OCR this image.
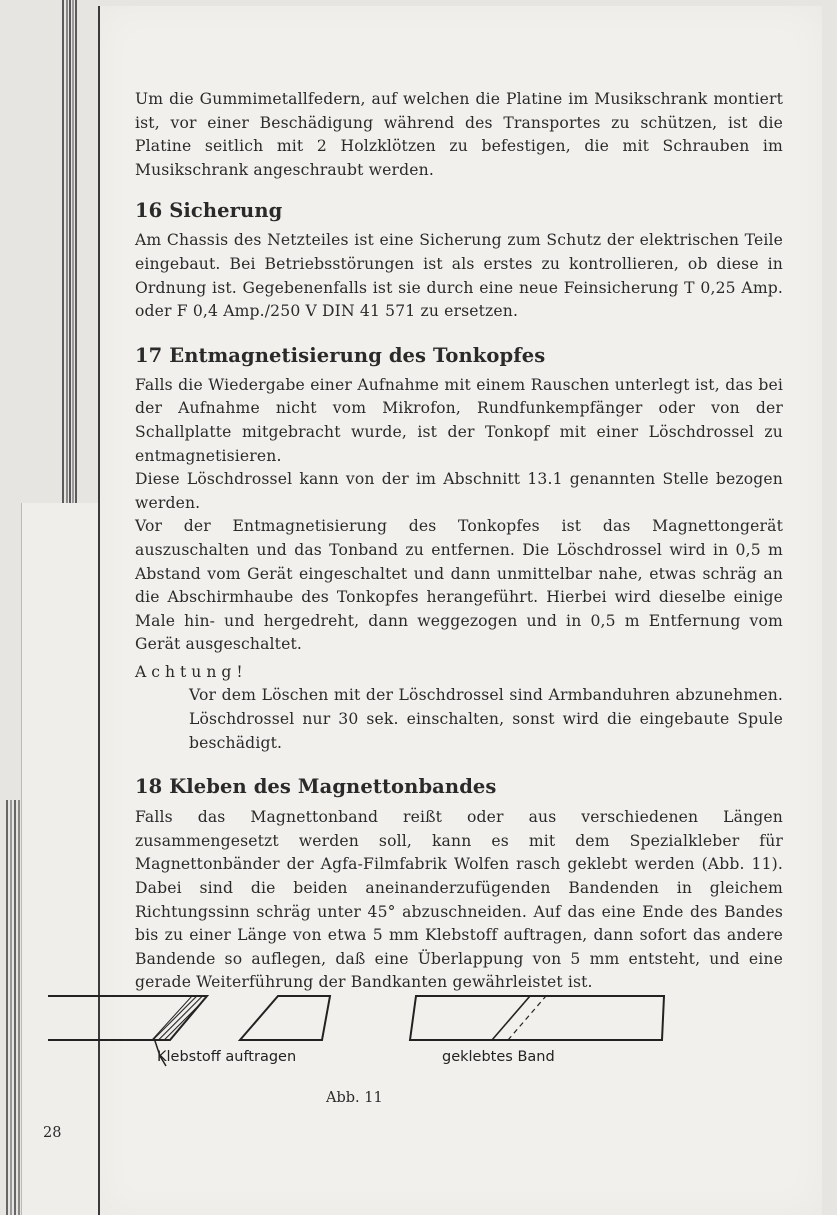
Um die Gummimetallfedern, auf welchen die Platine im Musikschrank montiert ist, vor einer Beschädigung während des Transportes zu schützen, ist die Platine seitlich mit 2 Holzklötzen zu befestigen, die mit Schrauben im Musikschrank angeschraubt werden.

16 Sicherung

Am Chassis des Netzteiles ist eine Sicherung zum Schutz der elektrischen Teile eingebaut. Bei Betriebsstörungen ist als erstes zu kontrollieren, ob diese in Ordnung ist. Gegebenenfalls ist sie durch eine neue Feinsicherung T 0,25 Amp. oder F 0,4 Amp./250 V DIN 41 571 zu ersetzen.

17 Entmagnetisierung des Tonkopfes

Falls die Wiedergabe einer Aufnahme mit einem Rauschen unterlegt ist, das bei der Aufnahme nicht vom Mikrofon, Rundfunkempfänger oder von der Schallplatte mitgebracht wurde, ist der Tonkopf mit einer Löschdrossel zu entmagnetisieren.

Diese Löschdrossel kann von der im Abschnitt 13.1 genannten Stelle bezogen werden.

Vor der Entmagnetisierung des Tonkopfes ist das Magnettongerät auszuschalten und das Tonband zu entfernen. Die Löschdrossel wird in 0,5 m Abstand vom Gerät eingeschaltet und dann unmittelbar nahe, etwas schräg an die Abschirmhaube des Tonkopfes herangeführt. Hierbei wird dieselbe einige Male hin- und hergedreht, dann weggezogen und in 0,5 m Entfernung vom Gerät ausgeschaltet.

Achtung!

Vor dem Löschen mit der Löschdrossel sind Armbanduhren abzunehmen. Löschdrossel nur 30 sek. einschalten, sonst wird die eingebaute Spule beschädigt.

18 Kleben des Magnettonbandes

Falls das Magnettonband reißt oder aus verschiedenen Längen zusammengesetzt werden soll, kann es mit dem Spezialkleber für Magnettonbänder der Agfa-Filmfabrik Wolfen rasch geklebt werden (Abb. 11). Dabei sind die beiden aneinanderzufügenden Bandenden in gleichem Richtungssinn schräg unter 45° abzuschneiden. Auf das eine Ende des Bandes bis zu einer Länge von etwa 5 mm Klebstoff auftragen, dann sofort das andere Bandende so auflegen, daß eine Überlappung von 5 mm entsteht, und eine gerade Weiterführung der Bandkanten gewährleistet ist.

Klebstoff auftragen	geklebtes Band
Abb. 11
28
